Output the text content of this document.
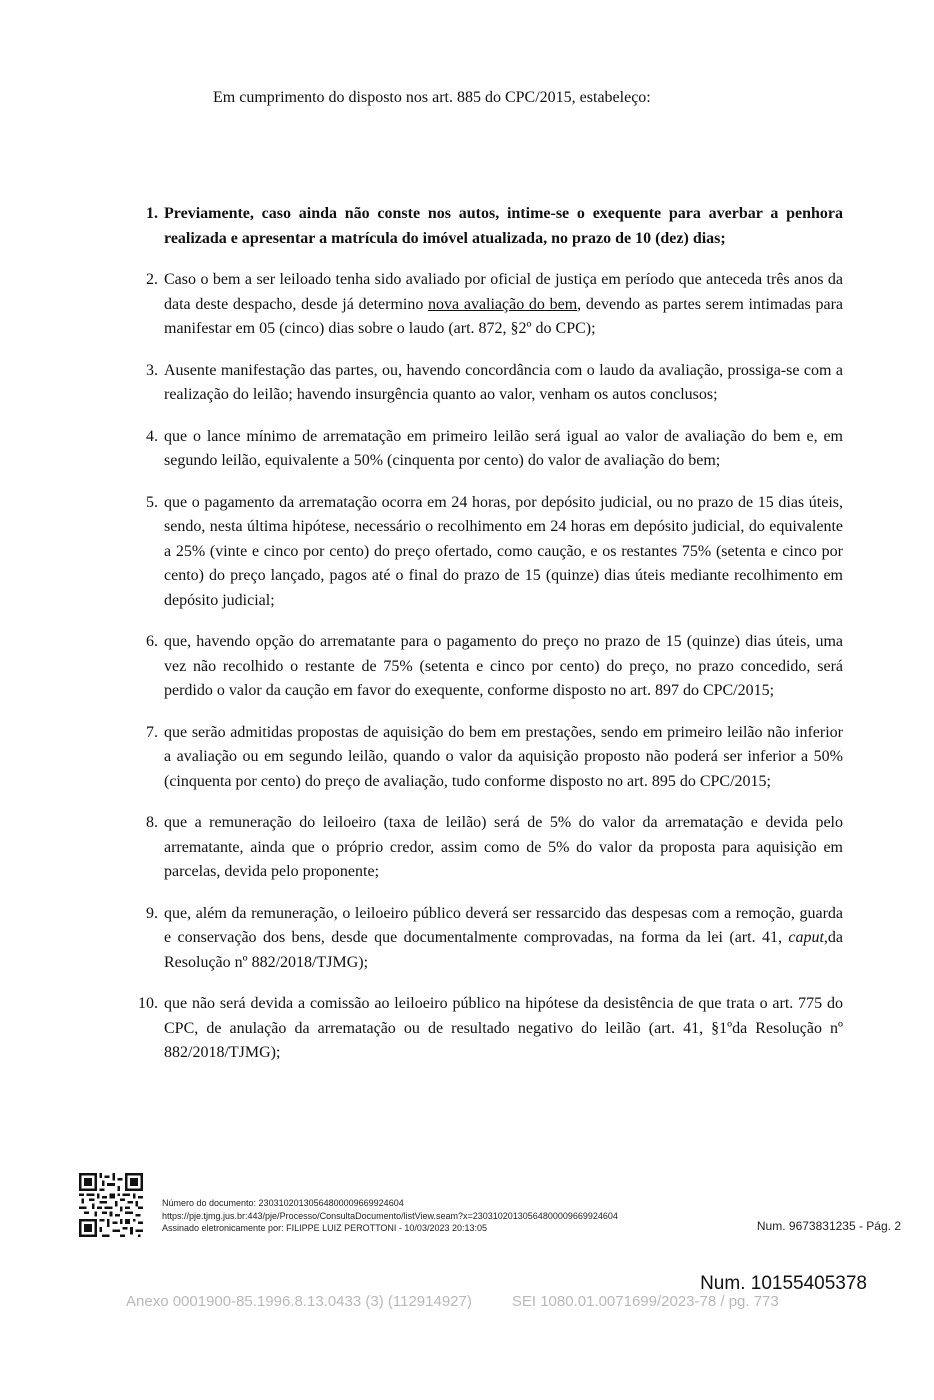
Em cumprimento do disposto nos art. 885 do CPC/2015, estabeleço:
1. Previamente, caso ainda não conste nos autos, intime-se o exequente para averbar a penhora realizada e apresentar a matrícula do imóvel atualizada, no prazo de 10 (dez) dias;
2. Caso o bem a ser leiloado tenha sido avaliado por oficial de justiça em período que anteceda três anos da data deste despacho, desde já determino nova avaliação do bem, devendo as partes serem intimadas para manifestar em 05 (cinco) dias sobre o laudo (art. 872, §2º do CPC);
3. Ausente manifestação das partes, ou, havendo concordância com o laudo da avaliação, prossiga-se com a realização do leilão; havendo insurgência quanto ao valor, venham os autos conclusos;
4. que o lance mínimo de arrematação em primeiro leilão será igual ao valor de avaliação do bem e, em segundo leilão, equivalente a 50% (cinquenta por cento) do valor de avaliação do bem;
5. que o pagamento da arrematação ocorra em 24 horas, por depósito judicial, ou no prazo de 15 dias úteis, sendo, nesta última hipótese, necessário o recolhimento em 24 horas em depósito judicial, do equivalente a 25% (vinte e cinco por cento) do preço ofertado, como caução, e os restantes 75% (setenta e cinco por cento) do preço lançado, pagos até o final do prazo de 15 (quinze) dias úteis mediante recolhimento em depósito judicial;
6. que, havendo opção do arrematante para o pagamento do preço no prazo de 15 (quinze) dias úteis, uma vez não recolhido o restante de 75% (setenta e cinco por cento) do preço, no prazo concedido, será perdido o valor da caução em favor do exequente, conforme disposto no art. 897 do CPC/2015;
7. que serão admitidas propostas de aquisição do bem em prestações, sendo em primeiro leilão não inferior a avaliação ou em segundo leilão, quando o valor da aquisição proposto não poderá ser inferior a 50% (cinquenta por cento) do preço de avaliação, tudo conforme disposto no art. 895 do CPC/2015;
8. que a remuneração do leiloeiro (taxa de leilão) será de 5% do valor da arrematação e devida pelo arrematante, ainda que o próprio credor, assim como de 5% do valor da proposta para aquisição em parcelas, devida pelo proponente;
9. que, além da remuneração, o leiloeiro público deverá ser ressarcido das despesas com a remoção, guarda e conservação dos bens, desde que documentalmente comprovadas, na forma da lei (art. 41, caput,da Resolução nº 882/2018/TJMG);
10. que não será devida a comissão ao leiloeiro público na hipótese da desistência de que trata o art. 775 do CPC, de anulação da arrematação ou de resultado negativo do leilão (art. 41, §1ºda Resolução nº 882/2018/TJMG);
Número do documento: 23031020130564800009669924604
https://pje.tjmg.jus.br:443/pje/Processo/ConsultaDocumento/listView.seam?x=23031020130564800009669924604
Assinado eletronicamente por: FILIPPE LUIZ PEROTTONI - 10/03/2023 20:13:05	Num. 9673831235 - Pág. 2
Num. 10155405378
Anexo 0001900-85.1996.8.13.0433 (3) (112914927)	SEI 1080.01.0071699/2023-78 / pg. 773
